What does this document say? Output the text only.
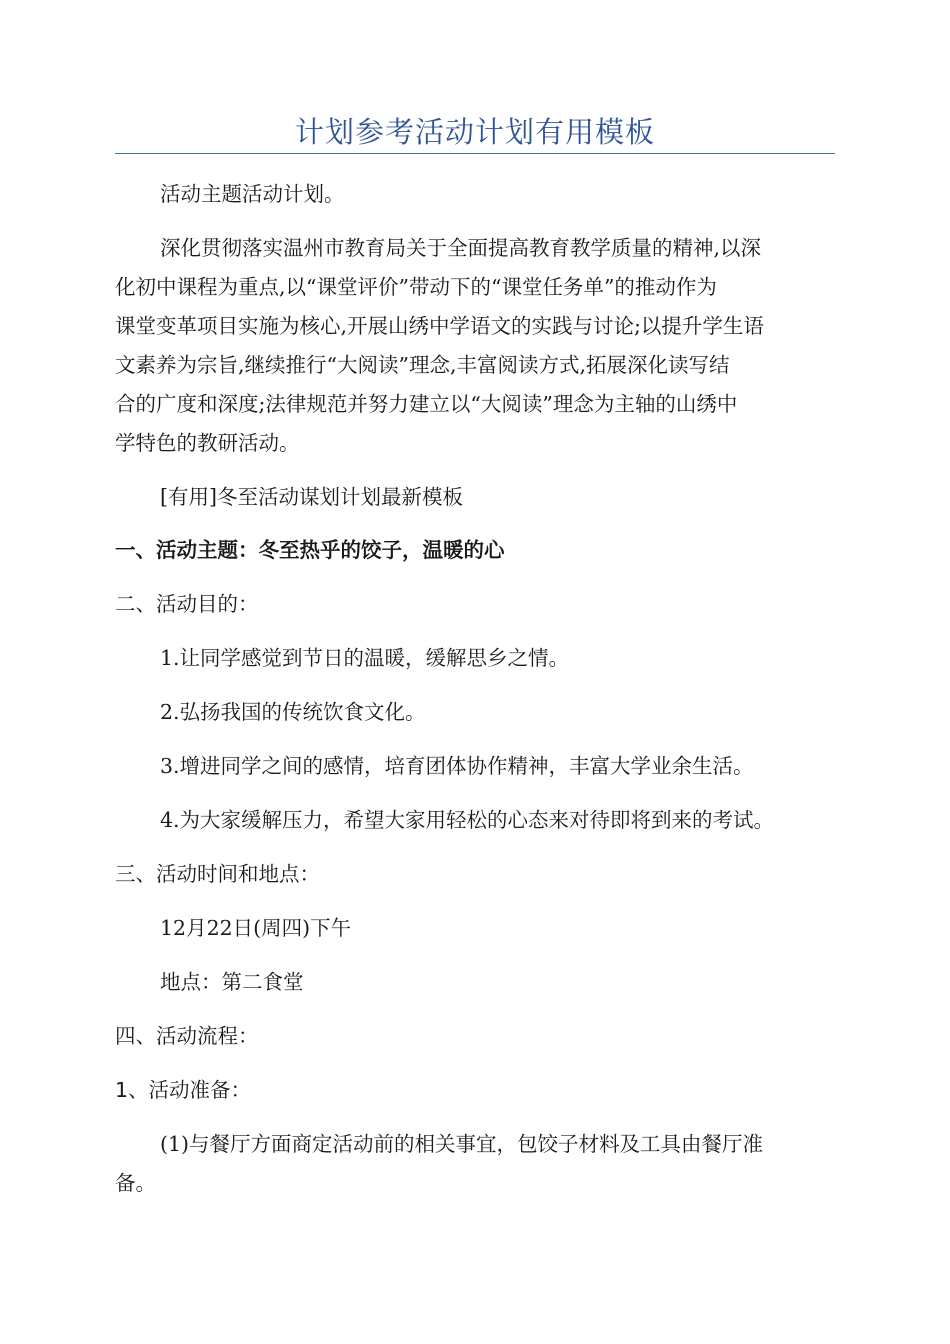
计划参考活动计划有用模板

活动主题活动计划。

深化贯彻落实温州市教育局关于全面提高教育教学质量的精神,以深

化初中课程为重点,以“课堂评价”带动下的“课堂任务单”的推动作为

课堂变革项目实施为核心,开展山绣中学语文的实践与讨论;以提升学生语

文素养为宗旨,继续推行“大阅读”理念,丰富阅读方式,拓展深化读写结

合的广度和深度;法律规范并努力建立以“大阅读”理念为主轴的山绣中

学特色的教研活动。

[有用]冬至活动谋划计划最新模板

一、活动主题：冬至热乎的饺子，温暖的心

二、活动目的：

1.让同学感觉到节日的温暖，缓解思乡之情。

2.弘扬我国的传统饮食文化。

3.增进同学之间的感情，培育团体协作精神，丰富大学业余生活。

4.为大家缓解压力，希望大家用轻松的心态来对待即将到来的考试。

三、活动时间和地点：

12月22日(周四)下午

地点：第二食堂

四、活动流程：

1、活动准备：

(1)与餐厅方面商定活动前的相关事宜，包饺子材料及工具由餐厅准

备。
